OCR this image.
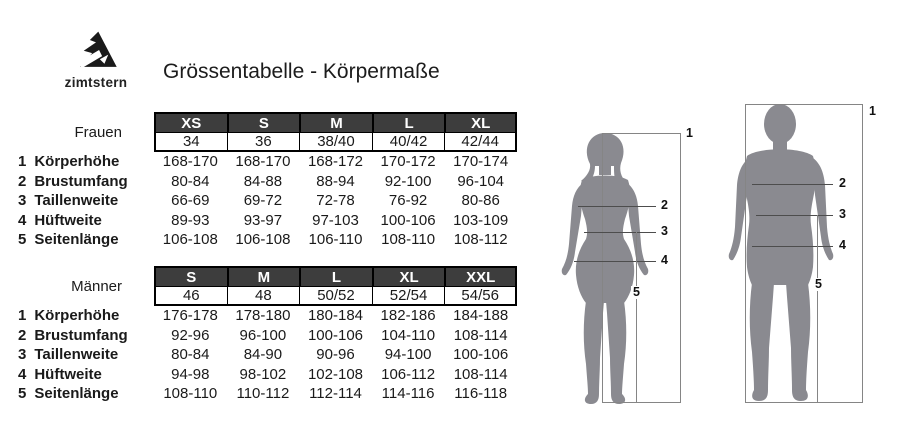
zimtstern	Grössentabelle - Körpermaße
Frauen
XS	S	M	L	XL
34	36	38/40	40/42	42/44
1 Körperhöhe	168-170	168-170	168-172	170-172	170-174
2 Brustumfang	80-84	84-88	88-94	92-100	96-104
3 Taillenweite	66-69	69-72	72-78	76-92	80-86
4 Hüftweite	89-93	93-97	97-103	100-106	103-109
5 Seitenlänge	106-108	106-108	106-110	108-110	108-112
Männer
S	M	L	XL	XXL
46	48	50/52	52/54	54/56
1 Körperhöhe	176-178	178-180	180-184	182-186	184-188
2 Brustumfang	92-96	96-100	100-106	104-110	108-114
3 Taillenweite	80-84	84-90	90-96	94-100	100-106
4 Hüftweite	94-98	98-102	102-108	106-112	108-114
5 Seitenlänge	108-110	110-112	112-114	114-116	116-118
1
2
3
4
5
1
2
3
4
5
